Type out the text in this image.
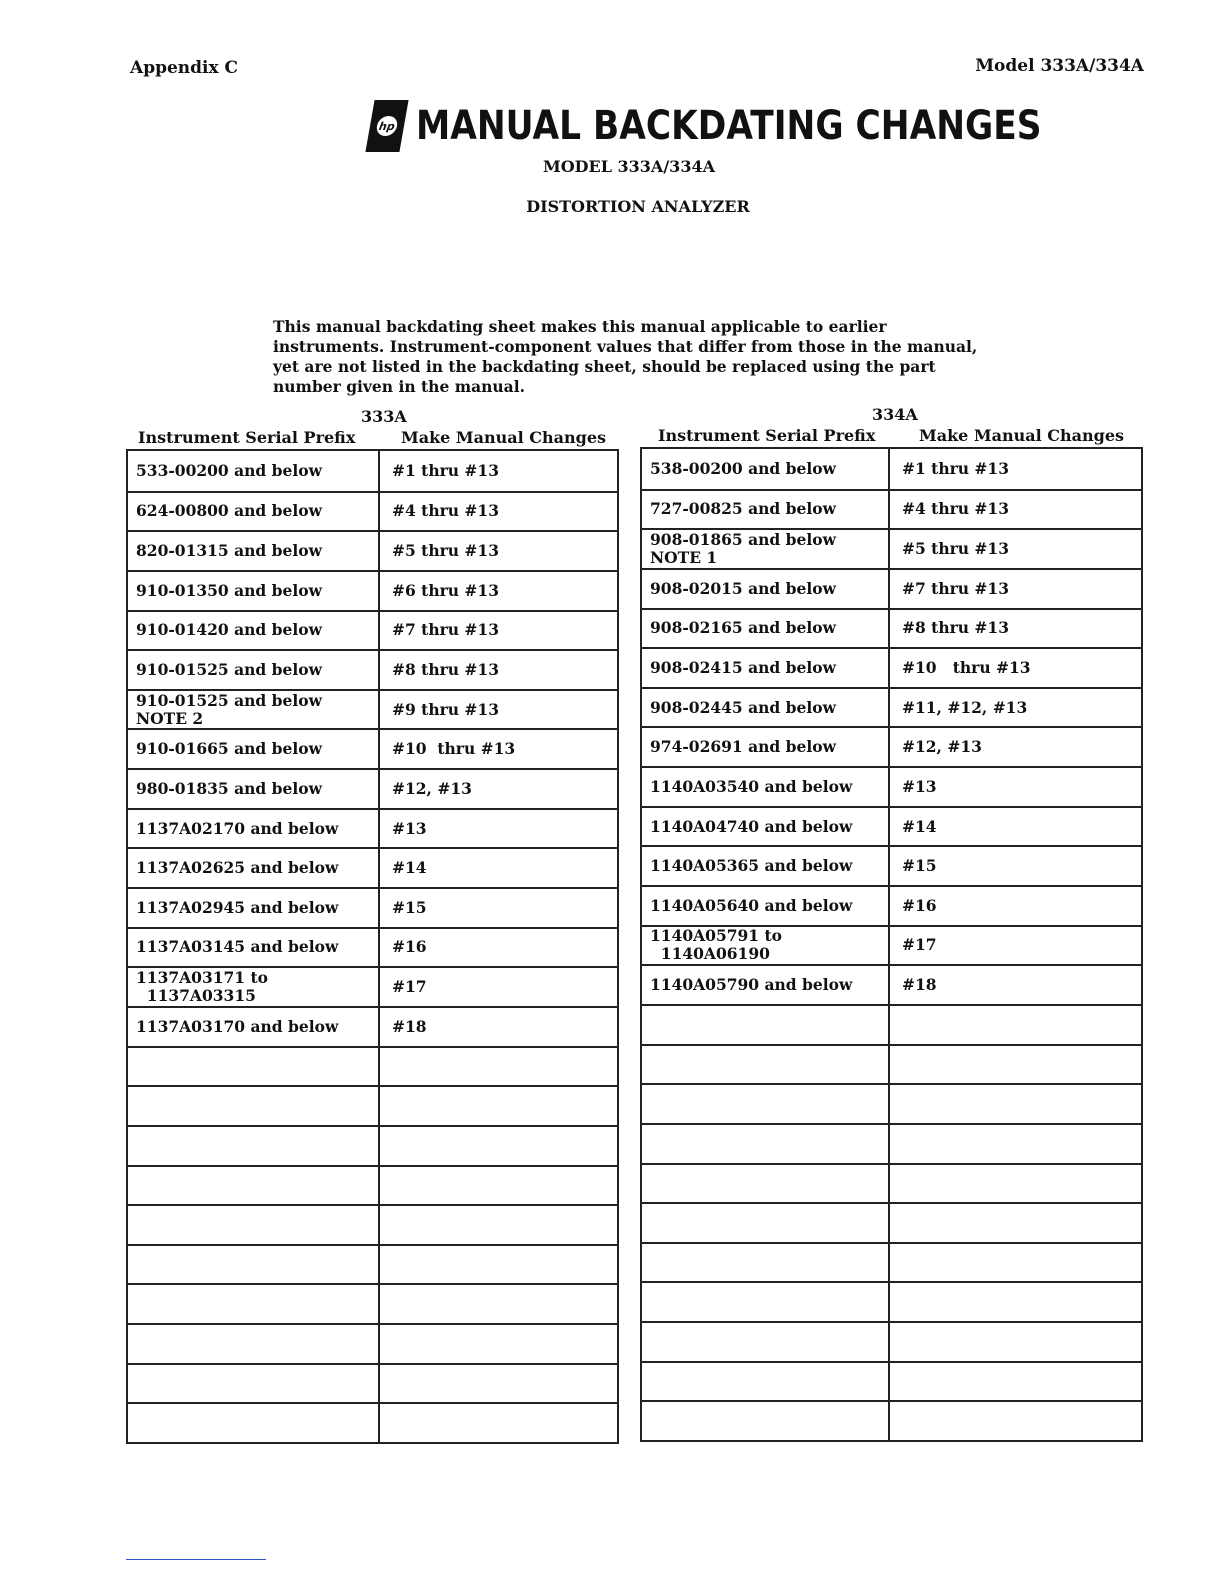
Appendix C	Model 333A/334A
hp MANUAL BACKDATING CHANGES
MODEL 333A/334A
DISTORTION ANALYZER
This manual backdating sheet makes this manual applicable to earlier instruments. Instrument-component values that differ from those in the manual, yet are not listed in the backdating sheet, should be replaced using the part number given in the manual.
333A
Instrument Serial Prefix	Make Manual Changes
334A
Instrument Serial Prefix	Make Manual Changes
533-00200 and below	#1 thru #13
624-00800 and below	#4 thru #13
820-01315 and below	#5 thru #13
910-01350 and below	#6 thru #13
910-01420 and below	#7 thru #13
910-01525 and below	#8 thru #13
910-01525 and below
NOTE 2	#9 thru #13
910-01665 and below	#10  thru #13
980-01835 and below	#12, #13
1137A02170 and below	#13
1137A02625 and below	#14
1137A02945 and below	#15
1137A03145 and below	#16
1137A03171 to
1137A03315	#17
1137A03170 and below	#18
538-00200 and below	#1 thru #13
727-00825 and below	#4 thru #13
908-01865 and below
NOTE 1	#5 thru #13
908-02015 and below	#7 thru #13
908-02165 and below	#8 thru #13
908-02415 and below	#10   thru #13
908-02445 and below	#11, #12, #13
974-02691 and below	#12, #13
1140A03540 and below	#13
1140A04740 and below	#14
1140A05365 and below	#15
1140A05640 and below	#16
1140A05791 to
1140A06190	#17
1140A05790 and below	#18
